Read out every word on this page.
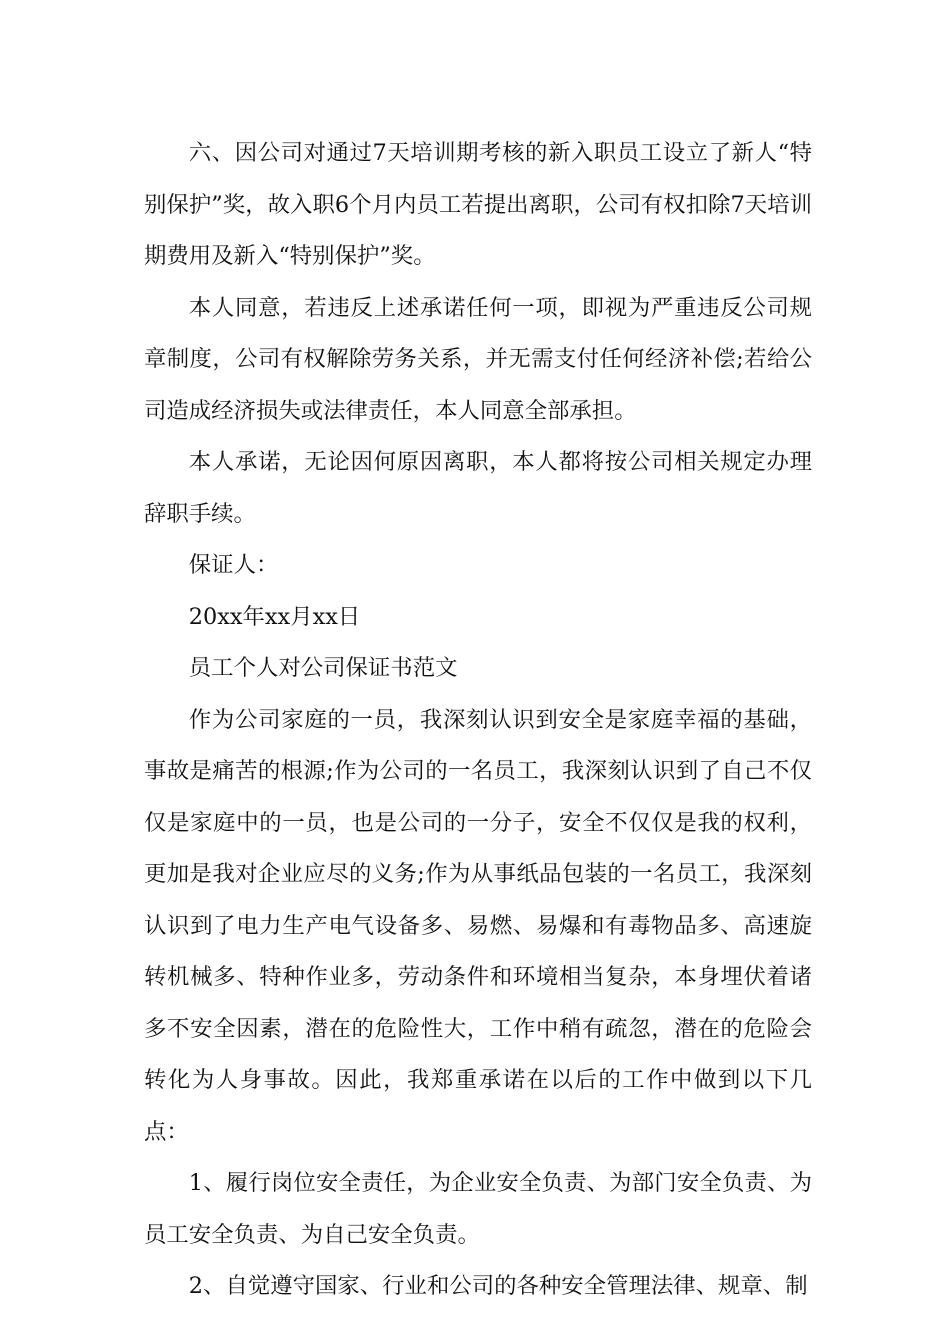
六、因公司对通过7天培训期考核的新入职员工设立了新人“特别保护”奖，故入职6个月内员工若提出离职，公司有权扣除7天培训期费用及新入“特别保护”奖。

本人同意，若违反上述承诺任何一项，即视为严重违反公司规章制度，公司有权解除劳务关系，并无需支付任何经济补偿;若给公司造成经济损失或法律责任，本人同意全部承担。

本人承诺，无论因何原因离职，本人都将按公司相关规定办理辞职手续。

保证人：

20xx年xx月xx日

员工个人对公司保证书范文

作为公司家庭的一员，我深刻认识到安全是家庭幸福的基础，事故是痛苦的根源;作为公司的一名员工，我深刻认识到了自己不仅仅是家庭中的一员，也是公司的一分子，安全不仅仅是我的权利，更加是我对企业应尽的义务;作为从事纸品包装的一名员工，我深刻认识到了电力生产电气设备多、易燃、易爆和有毒物品多、高速旋转机械多、特种作业多，劳动条件和环境相当复杂，本身埋伏着诸多不安全因素，潜在的危险性大，工作中稍有疏忽，潜在的危险会转化为人身事故。因此，我郑重承诺在以后的工作中做到以下几点：

1、履行岗位安全责任，为企业安全负责、为部门安全负责、为员工安全负责、为自己安全负责。

2、自觉遵守国家、行业和公司的各种安全管理法律、规章、制
